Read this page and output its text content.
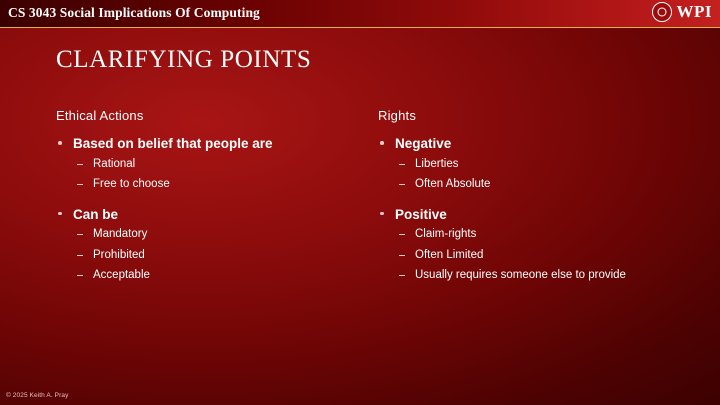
CS 3043 Social Implications Of Computing	WPI
CLARIFYING POINTS
Ethical Actions
Based on belief that people are
Rational
Free to choose
Can be
Mandatory
Prohibited
Acceptable
Rights
Negative
Liberties
Often Absolute
Positive
Claim-rights
Often Limited
Usually requires someone else to provide
© 2025 Keith A. Pray
